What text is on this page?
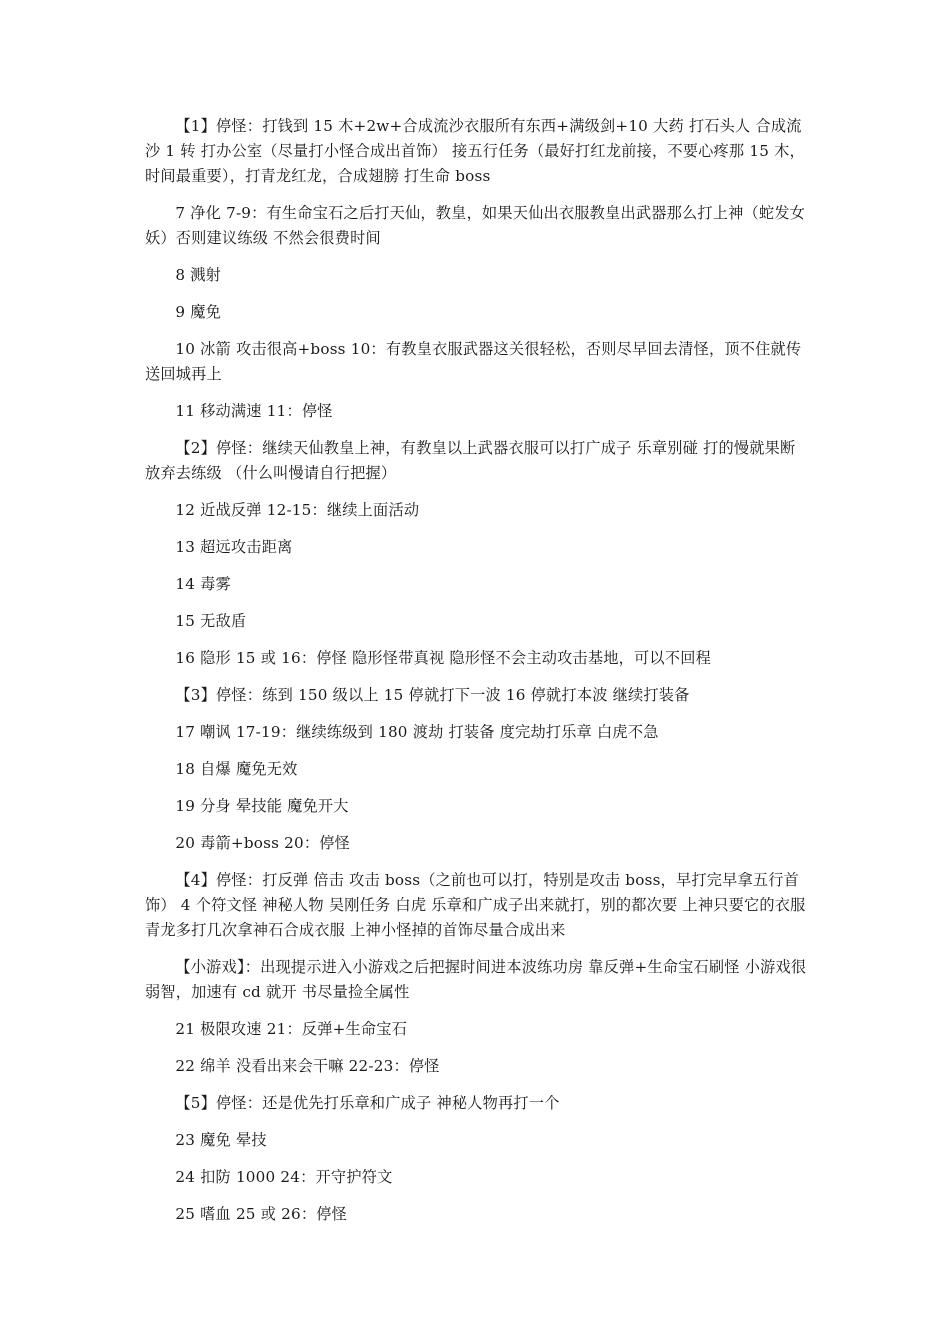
【1】停怪：打钱到 15 木+2w+合成流沙衣服所有东西+满级剑+10 大药 打石头人 合成流沙 1 转 打办公室（尽量打小怪合成出首饰） 接五行任务（最好打红龙前接，不要心疼那 15 木，时间最重要），打青龙红龙，合成翅膀 打生命 boss

7 净化 7-9：有生命宝石之后打天仙，教皇，如果天仙出衣服教皇出武器那么打上神（蛇发女妖）否则建议练级 不然会很费时间

8 溅射

9 魔免

10 冰箭 攻击很高+boss 10：有教皇衣服武器这关很轻松，否则尽早回去清怪，顶不住就传送回城再上

11 移动满速 11：停怪

【2】停怪：继续天仙教皇上神，有教皇以上武器衣服可以打广成子 乐章别碰 打的慢就果断放弃去练级 （什么叫慢请自行把握）

12 近战反弹 12-15：继续上面活动

13 超远攻击距离

14 毒雾

15 无敌盾

16 隐形 15 或 16：停怪 隐形怪带真视 隐形怪不会主动攻击基地，可以不回程

【3】停怪：练到 150 级以上 15 停就打下一波 16 停就打本波 继续打装备

17 嘲讽 17-19：继续练级到 180 渡劫 打装备 度完劫打乐章 白虎不急

18 自爆 魔免无效

19 分身 晕技能 魔免开大

20 毒箭+boss 20：停怪

【4】停怪：打反弹 倍击 攻击 boss（之前也可以打，特别是攻击 boss，早打完早拿五行首饰） 4 个符文怪 神秘人物 吴刚任务 白虎 乐章和广成子出来就打，别的都次要 上神只要它的衣服 青龙多打几次拿神石合成衣服 上神小怪掉的首饰尽量合成出来

【小游戏】：出现提示进入小游戏之后把握时间进本波练功房 靠反弹+生命宝石刷怪 小游戏很弱智，加速有 cd 就开 书尽量捡全属性

21 极限攻速 21：反弹+生命宝石

22 绵羊 没看出来会干嘛 22-23：停怪

【5】停怪：还是优先打乐章和广成子 神秘人物再打一个

23 魔免 晕技

24 扣防 1000 24：开守护符文

25 嗜血 25 或 26：停怪
